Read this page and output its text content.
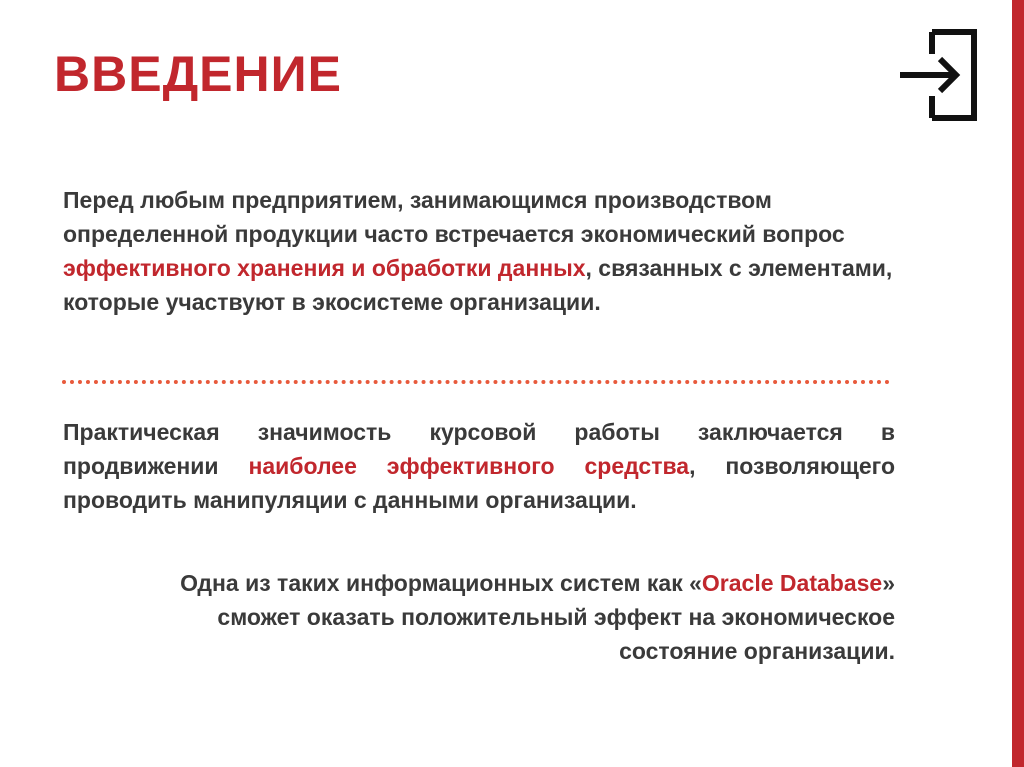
ВВЕДЕНИЕ

Перед любым предприятием, занимающимся производством определенной продукции часто встречается экономический вопрос эффективного хранения и обработки данных, связанных с элементами, которые участвуют в экосистеме организации.

Практическая значимость курсовой работы заключается в продвижении наиболее эффективного средства, позволяющего проводить манипуляции с данными организации.

Одна из таких информационных систем как «Oracle Database» сможет оказать положительный эффект на экономическое состояние организации.
